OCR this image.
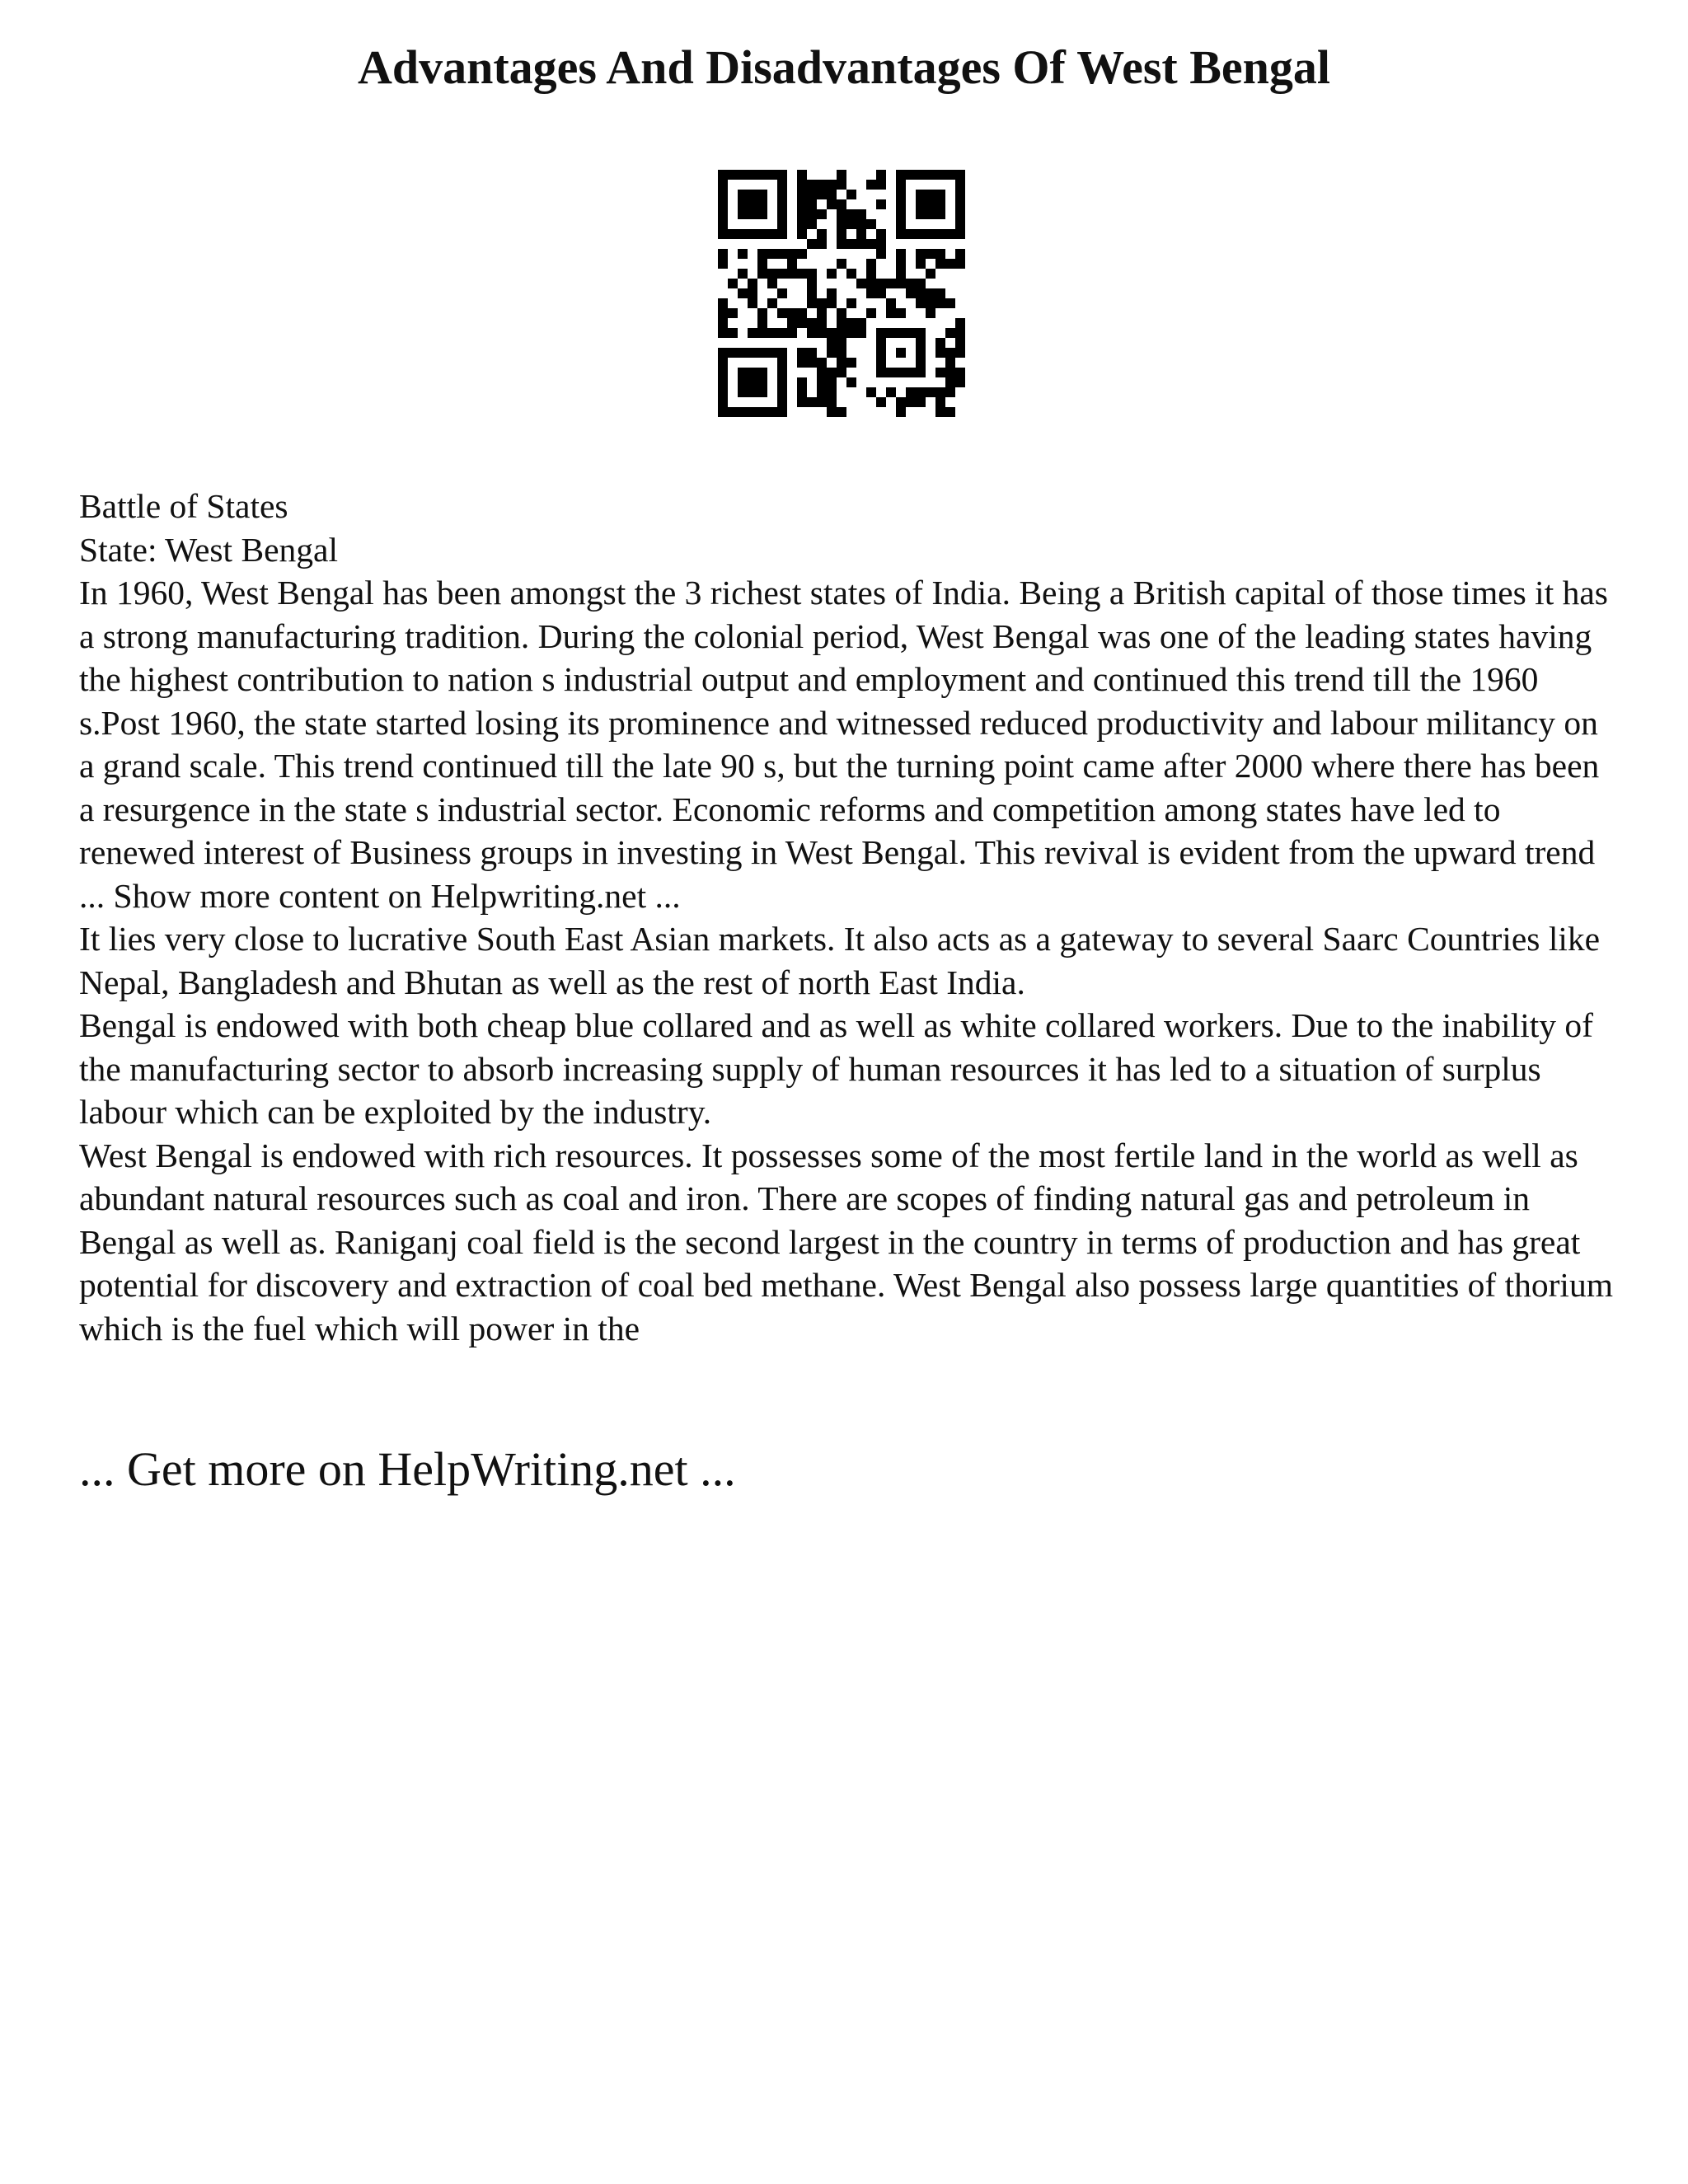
Advantages And Disadvantages Of West Bengal

Battle of States

State: West Bengal

In 1960, West Bengal has been amongst the 3 richest states of India. Being a British capital of those times it has a strong manufacturing tradition. During the colonial period, West Bengal was one of the leading states having the highest contribution to nation s industrial output and employment and continued this trend till the 1960 s.Post 1960, the state started losing its prominence and witnessed reduced productivity and labour militancy on a grand scale. This trend continued till the late 90 s, but the turning point came after 2000 where there has been a resurgence in the state s industrial sector. Economic reforms and competition among states have led to renewed interest of Business groups in investing in West Bengal. This revival is evident from the upward trend ... Show more content on Helpwriting.net ...

It lies very close to lucrative South East Asian markets. It also acts as a gateway to several Saarc Countries like Nepal, Bangladesh and Bhutan as well as the rest of north East India.

Bengal is endowed with both cheap blue collared and as well as white collared workers. Due to the inability of the manufacturing sector to absorb increasing supply of human resources it has led to a situation of surplus labour which can be exploited by the industry.

West Bengal is endowed with rich resources. It possesses some of the most fertile land in the world as well as abundant natural resources such as coal and iron. There are scopes of finding natural gas and petroleum in Bengal as well as. Raniganj coal field is the second largest in the country in terms of production and has great potential for discovery and extraction of coal bed methane. West Bengal also possess large quantities of thorium which is the fuel which will power in the

... Get more on HelpWriting.net ...
